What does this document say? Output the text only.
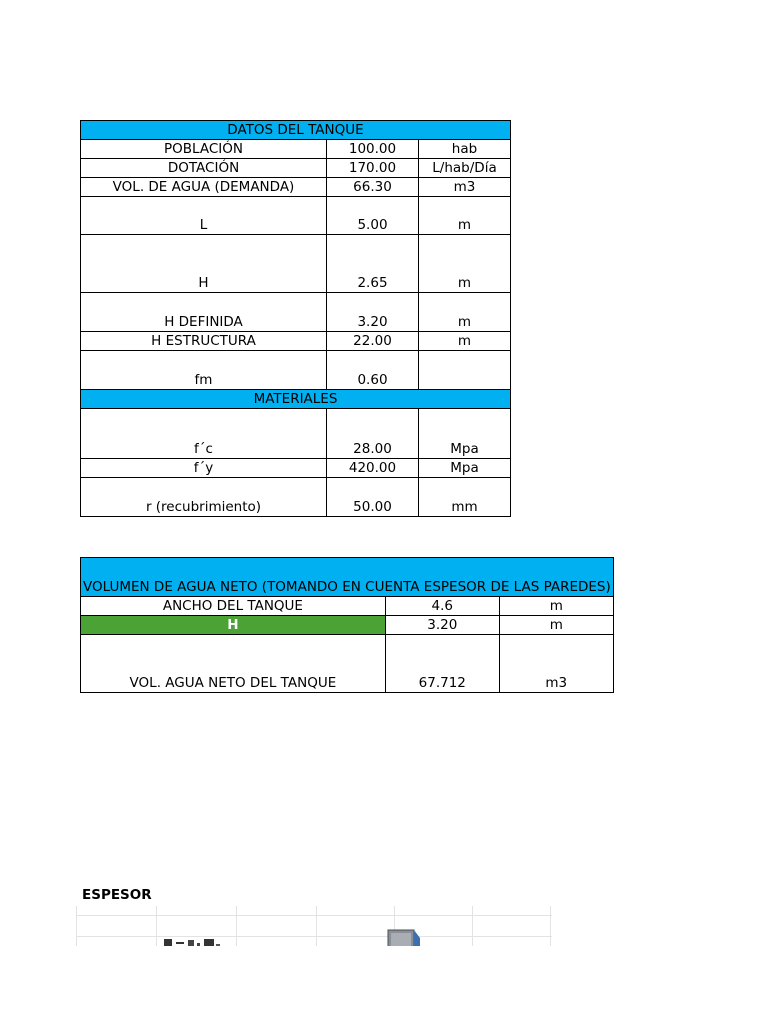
DATOS DEL TANQUE		
POBLACIÓN	100.00	hab
DOTACIÓN	170.00	L/hab/Día
VOL. DE AGUA (DEMANDA)	66.30	m3
L	5.00	m
H	2.65	m
H DEFINIDA	3.20	m
H ESTRUCTURA	22.00	m
fm	0.60	
MATERIALES		
f´c	28.00	Mpa
f´y	420.00	Mpa
r (recubrimiento)	50.00	mm
VOLUMEN DE AGUA NETO (TOMANDO EN CUENTA ESPESOR DE LAS PAREDES)		
ANCHO DEL TANQUE	4.6	m
H	3.20	m
VOL. AGUA NETO DEL TANQUE	67.712	m3
ESPESOR
